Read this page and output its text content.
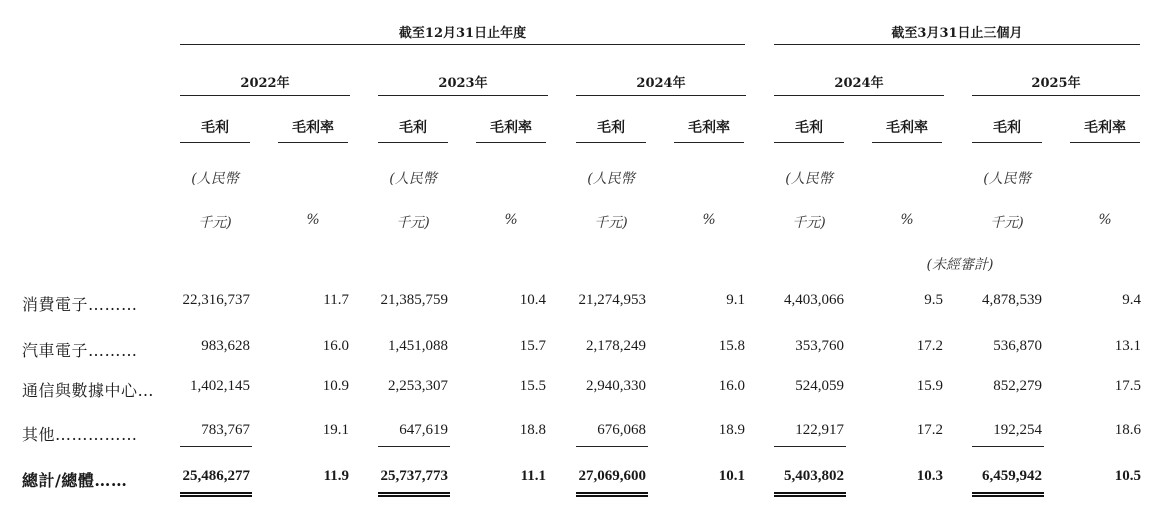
截至12月31日止年度	截至3月31日止三個月
2022年	2023年	2024年	2024年	2025年
毛利	毛利率	毛利	毛利率	毛利	毛利率	毛利	毛利率	毛利	毛利率
(人民幣
千元)	%
(人民幣
千元)	%
(人民幣
千元)	%
(人民幣
千元)	%
(人民幣
千元)	%
(未經審計)
消費電子………	22,316,737	11.7	21,385,759	10.4	21,274,953	9.1	4,403,066	9.5	4,878,539	9.4
汽車電子………	983,628	16.0	1,451,088	15.7	2,178,249	15.8	353,760	17.2	536,870	13.1
通信與數據中心…	1,402,145	10.9	2,253,307	15.5	2,940,330	16.0	524,059	15.9	852,279	17.5
其他……………	783,767	19.1	647,619	18.8	676,068	18.9	122,917	17.2	192,254	18.6
總計/總體……	25,486,277	11.9	25,737,773	11.1	27,069,600	10.1	5,403,802	10.3	6,459,942	10.5
